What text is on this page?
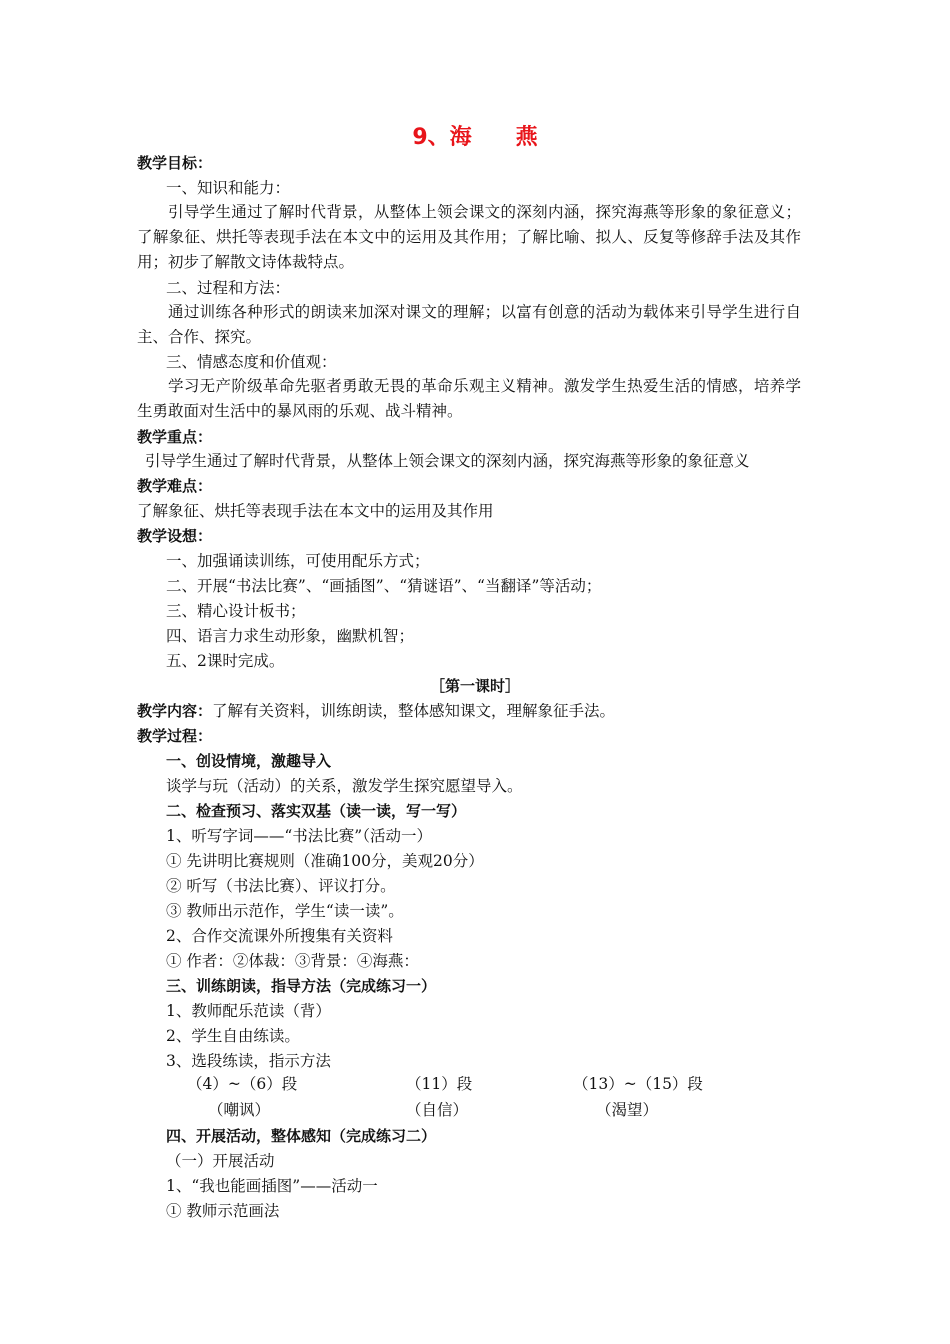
9、海 燕
教学目标：
一、知识和能力：
引导学生通过了解时代背景，从整体上领会课文的深刻内涵，探究海燕等形象的象征意义；了解象征、烘托等表现手法在本文中的运用及其作用；了解比喻、拟人、反复等修辞手法及其作用；初步了解散文诗体裁特点。
二、过程和方法：
通过训练各种形式的朗读来加深对课文的理解；以富有创意的活动为载体来引导学生进行自主、合作、探究。
三、情感态度和价值观：
学习无产阶级革命先驱者勇敢无畏的革命乐观主义精神。激发学生热爱生活的情感，培养学生勇敢面对生活中的暴风雨的乐观、战斗精神。
教学重点：
引导学生通过了解时代背景，从整体上领会课文的深刻内涵，探究海燕等形象的象征意义
教学难点：
了解象征、烘托等表现手法在本文中的运用及其作用
教学设想：
一、加强诵读训练，可使用配乐方式；
二、开展“书法比赛”、“画插图”、“猜谜语”、“当翻译”等活动；
三、精心设计板书；
四、语言力求生动形象，幽默机智；
五、2课时完成。
［第一课时］
教学内容：了解有关资料，训练朗读，整体感知课文，理解象征手法。
教学过程：
一、创设情境，激趣导入
谈学与玩（活动）的关系，激发学生探究愿望导入。
二、检查预习、落实双基（读一读，写一写）
1、听写字词——“书法比赛”（活动一）
① 先讲明比赛规则（准确100分，美观20分）
② 听写（书法比赛）、评议打分。
③ 教师出示范作，学生“读一读”。
2、合作交流课外所搜集有关资料
① 作者：②体裁：③背景：④海燕：
三、训练朗读，指导方法（完成练习一）
1、教师配乐范读（背）
2、学生自由练读。
3、选段练读，指示方法
（4）~（6）段	（11）段	（13）~（15）段
（嘲讽）	（自信）	（渴望）
四、开展活动，整体感知（完成练习二）
（一）开展活动
1、“我也能画插图”——活动一
① 教师示范画法
